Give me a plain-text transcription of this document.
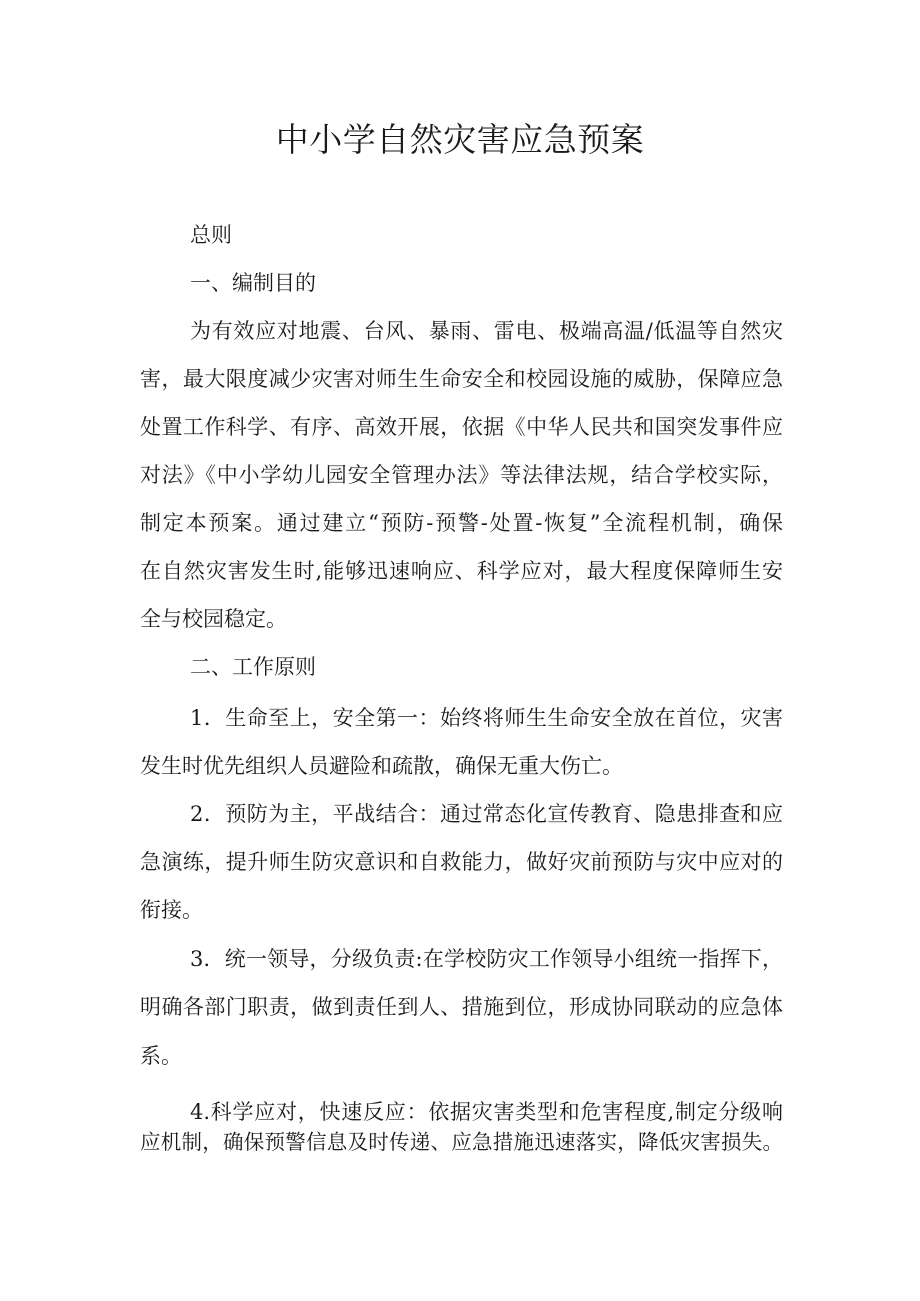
中小学自然灾害应急预案
总则
一、编制目的
为有效应对地震、台风、暴雨、雷电、极端高温/低温等自然灾
害，最大限度减少灾害对师生生命安全和校园设施的威胁，保障应急
处置工作科学、有序、高效开展，依据《中华人民共和国突发事件应
对法》《中小学幼儿园安全管理办法》等法律法规，结合学校实际，
制定本预案。通过建立“预防-预警-处置-恢复”全流程机制，确保
在自然灾害发生时,能够迅速响应、科学应对，最大程度保障师生安
全与校园稳定。
二、工作原则
1．生命至上，安全第一：始终将师生生命安全放在首位，灾害
发生时优先组织人员避险和疏散，确保无重大伤亡。
2．预防为主，平战结合：通过常态化宣传教育、隐患排查和应
急演练，提升师生防灾意识和自救能力，做好灾前预防与灾中应对的
衔接。
3．统一领导，分级负责:在学校防灾工作领导小组统一指挥下，
明确各部门职责，做到责任到人、措施到位，形成协同联动的应急体
系。
4.科学应对，快速反应：依据灾害类型和危害程度,制定分级响
应机制，确保预警信息及时传递、应急措施迅速落实，降低灾害损失。
